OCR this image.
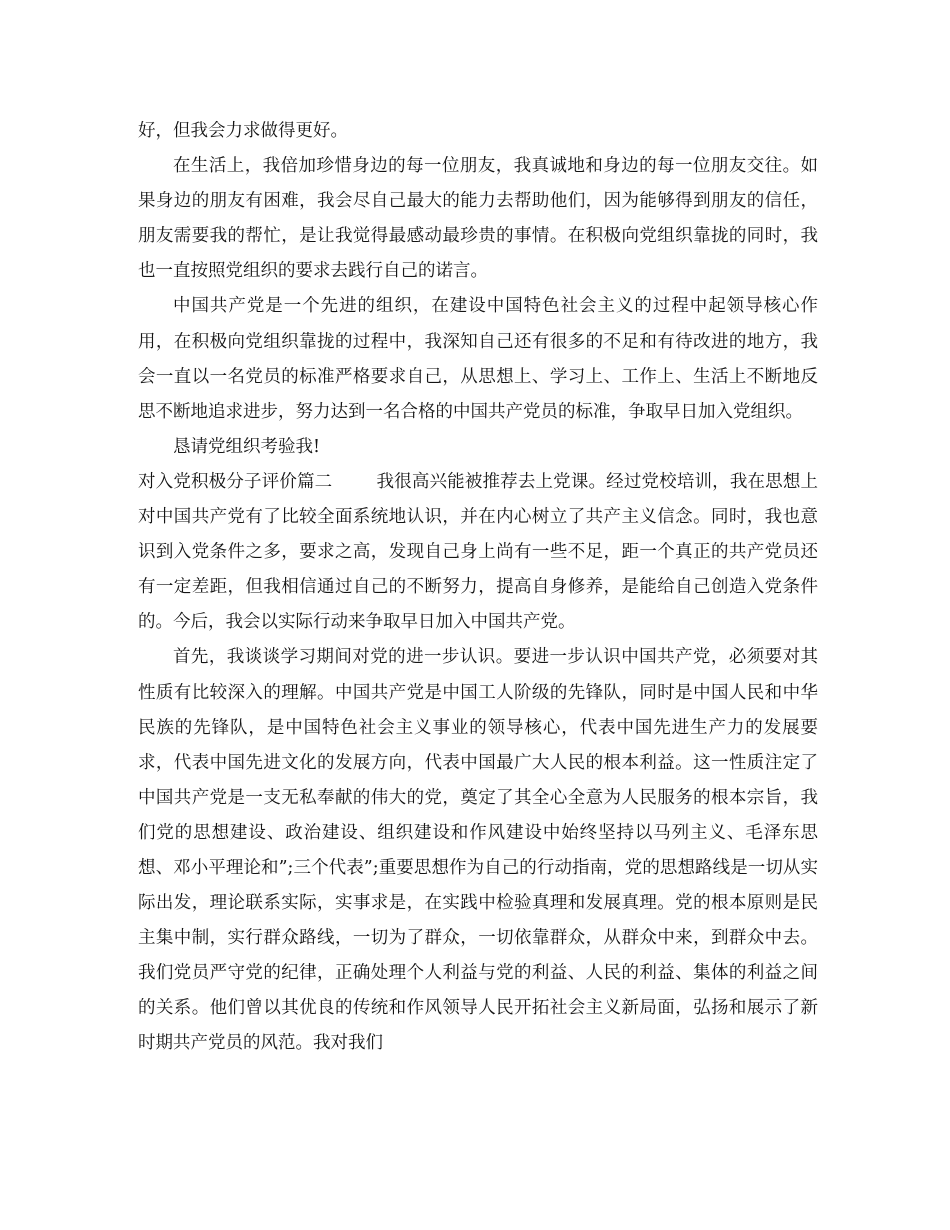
好，但我会力求做得更好。

在生活上，我倍加珍惜身边的每一位朋友，我真诚地和身边的每一位朋友交往。如果身边的朋友有困难，我会尽自己最大的能力去帮助他们，因为能够得到朋友的信任，朋友需要我的帮忙，是让我觉得最感动最珍贵的事情。在积极向党组织靠拢的同时，我也一直按照党组织的要求去践行自己的诺言。

中国共产党是一个先进的组织，在建设中国特色社会主义的过程中起领导核心作用，在积极向党组织靠拢的过程中，我深知自己还有很多的不足和有待改进的地方，我会一直以一名党员的标准严格要求自己，从思想上、学习上、工作上、生活上不断地反思不断地追求进步，努力达到一名合格的中国共产党员的标准，争取早日加入党组织。

恳请党组织考验我!

对入党积极分子评价篇二	我很高兴能被推荐去上党课。经过党校培训，我在思想上对中国共产党有了比较全面系统地认识，并在内心树立了共产主义信念。同时，我也意识到入党条件之多，要求之高，发现自己身上尚有一些不足，距一个真正的共产党员还有一定差距，但我相信通过自己的不断努力，提高自身修养，是能给自己创造入党条件的。今后，我会以实际行动来争取早日加入中国共产党。

首先，我谈谈学习期间对党的进一步认识。要进一步认识中国共产党，必须要对其性质有比较深入的理解。中国共产党是中国工人阶级的先锋队，同时是中国人民和中华民族的先锋队，是中国特色社会主义事业的领导核心，代表中国先进生产力的发展要求，代表中国先进文化的发展方向，代表中国最广大人民的根本利益。这一性质注定了中国共产党是一支无私奉献的伟大的党，奠定了其全心全意为人民服务的根本宗旨，我们党的思想建设、政治建设、组织建设和作风建设中始终坚持以马列主义、毛泽东思想、邓小平理论和”;三个代表”;重要思想作为自己的行动指南，党的思想路线是一切从实际出发，理论联系实际，实事求是，在实践中检验真理和发展真理。党的根本原则是民主集中制，实行群众路线，一切为了群众，一切依靠群众，从群众中来，到群众中去。我们党员严守党的纪律，正确处理个人利益与党的利益、人民的利益、集体的利益之间的关系。他们曾以其优良的传统和作风领导人民开拓社会主义新局面，弘扬和展示了新时期共产党员的风范。我对我们
